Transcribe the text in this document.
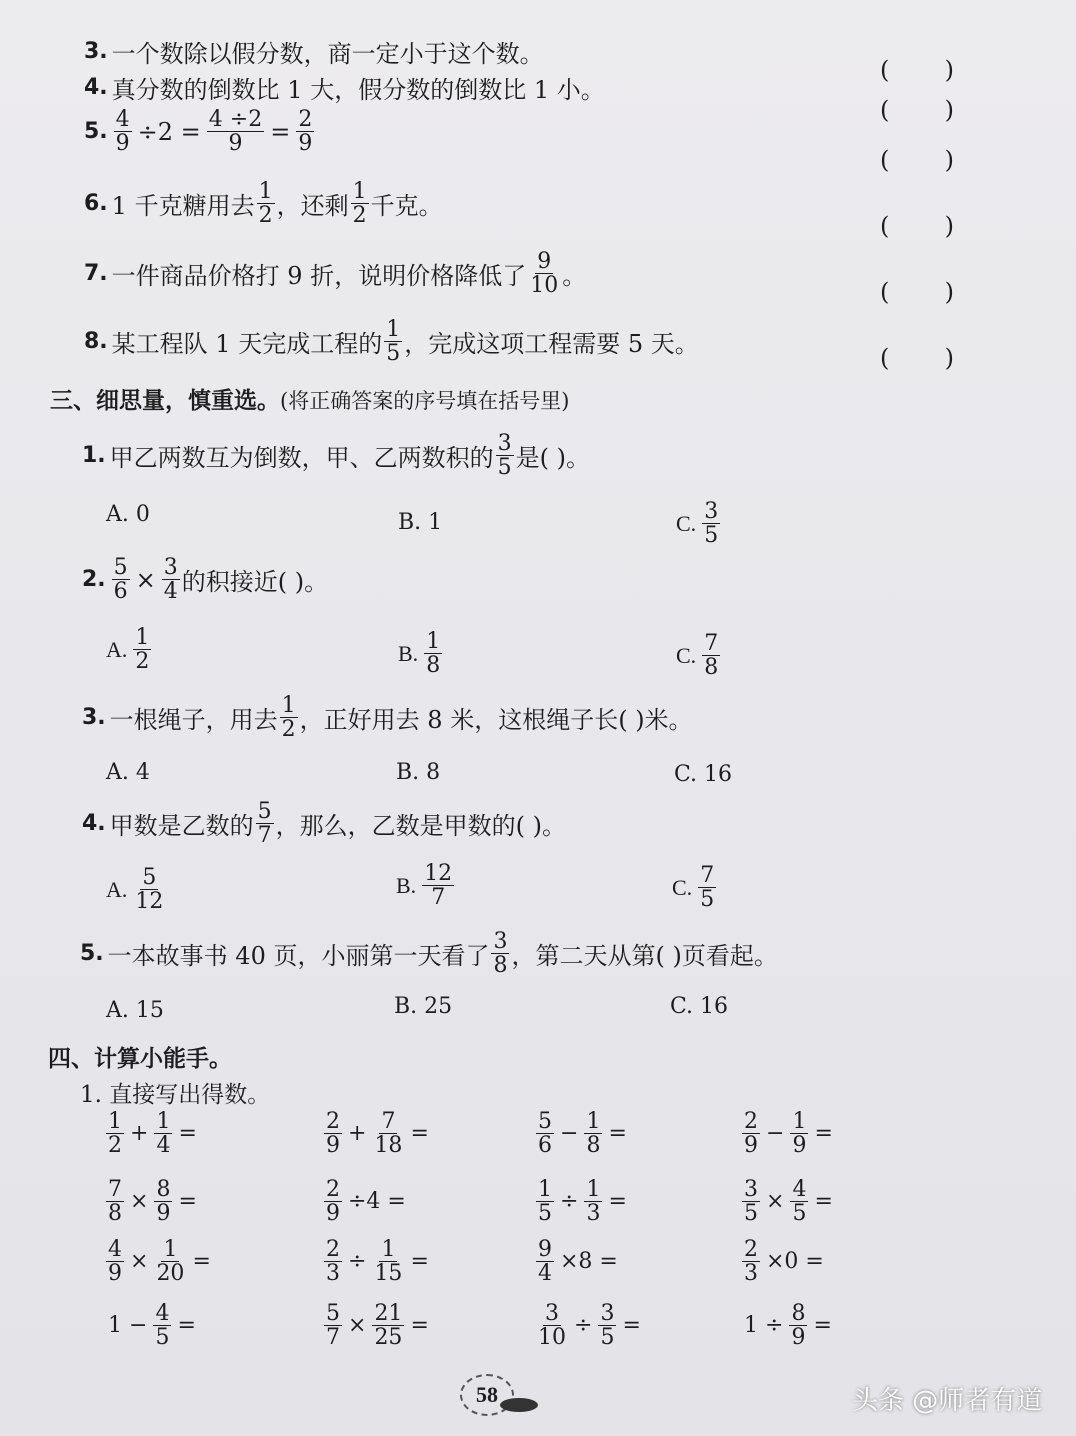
3. 一个数除以假分数，商一定小于这个数。
( )
4. 真分数的倒数比 1 大，假分数的倒数比 1 小。
( )
5. $\frac{4}{9} \div 2 = \frac{4 \div 2}{9} = \frac{2}{9}$
( )
6. 1 千克糖用去 $\frac{1}{2}$ ，还剩 $\frac{1}{2}$ 千克。
( )
7. 一件商品价格打 9 折，说明价格降低了 $\frac{9}{10}$ 。
( )
8. 某工程队 1 天完成工程的 $\frac{1}{5}$ ，完成这项工程需要 5 天。	( )
三、细思量，慎重选。(将正确答案的序号填在括号里)
1. 甲乙两数互为倒数，甲、乙两数积的 $\frac{3}{5}$ 是( )。
A. 0	B. 1	C. $\frac{3}{5}$
2. $\frac{5}{6} \times \frac{3}{4}$ 的积接近( )。
A. $\frac{1}{2}$	B. $\frac{1}{8}$	C. $\frac{7}{8}$
3. 一根绳子，用去 $\frac{1}{2}$ ，正好用去 8 米，这根绳子长( )米。
A. 4	B. 8	C. 16
4. 甲数是乙数的 $\frac{5}{7}$ ，那么，乙数是甲数的( )。
A. $\frac{5}{12}$	B. $\frac{12}{7}$	C. $\frac{7}{5}$
5. 一本故事书 40 页，小丽第一天看了 $\frac{3}{8}$ ，第二天从第( )页看起。
A. 15	B. 25	C. 16
四、计算小能手。
1. 直接写出得数。
$\frac{1}{2} + \frac{1}{4}$ =	$\frac{2}{9} + \frac{7}{18}$ =	$\frac{5}{6} - \frac{1}{8}$ =	$\frac{2}{9} - \frac{1}{9}$ =
$\frac{7}{8} \times \frac{8}{9}$ =	$\frac{2}{9} \div 4$ =	$\frac{1}{5} \div \frac{1}{3}$ =	$\frac{3}{5} \times \frac{4}{5}$ =
$\frac{4}{9} \times \frac{1}{20}$ =	$\frac{2}{3} \div \frac{1}{15}$ =	$\frac{9}{4} \times 8$ =	$\frac{2}{3} \times 0$ =
$1 - \frac{4}{5}$ =	$\frac{5}{7} \times \frac{21}{25}$ =	$\frac{3}{10} \div \frac{3}{5}$ =	$1 \div \frac{8}{9}$ =
58	头条 @师者有道
